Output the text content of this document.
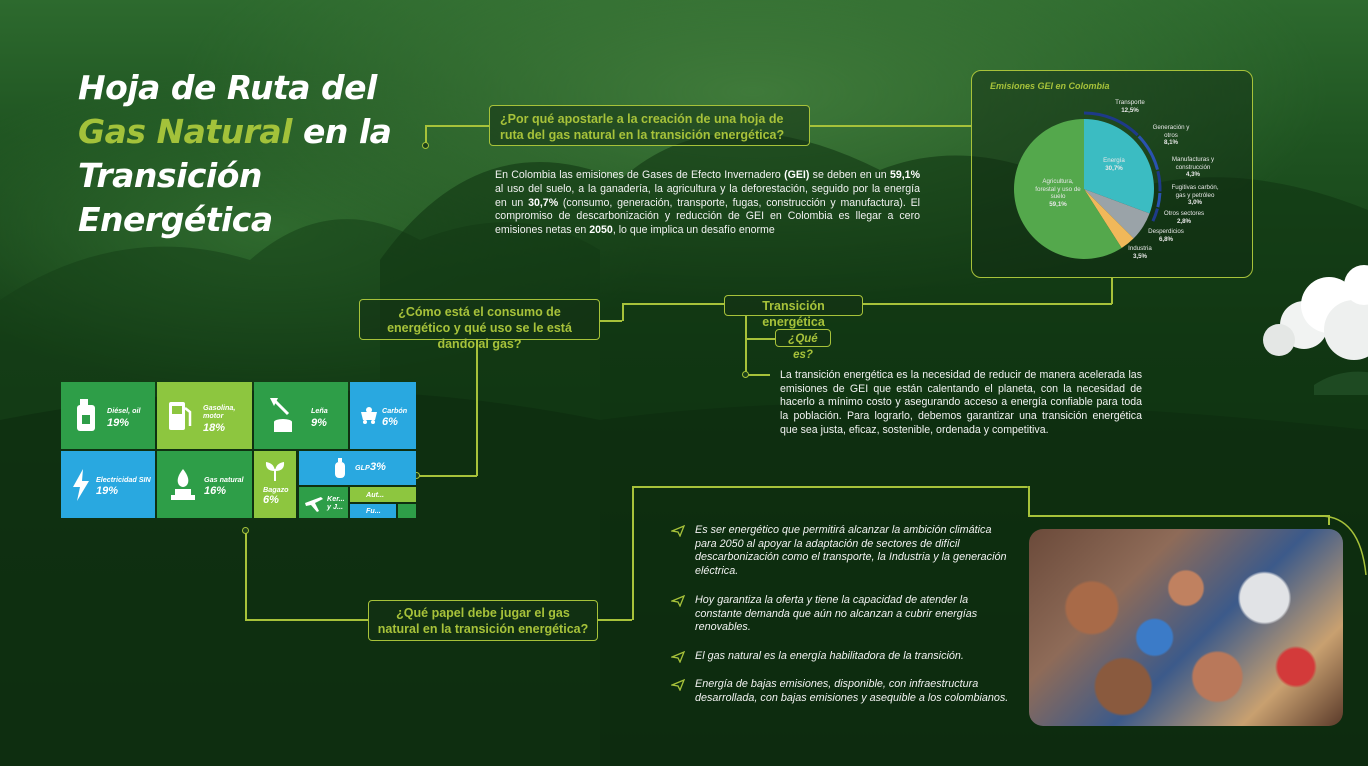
Hoja de Ruta del
Gas Natural en la
Transición Energética
¿Por qué apostarle a la creación de una hoja de ruta del gas natural en la transición energética?
En Colombia las emisiones de Gases de Efecto Invernadero (GEI) se deben en un 59,1% al uso del suelo, a la ganadería, la agricultura y la deforestación, seguido por la energía en un 30,7% (consumo, generación, transporte, fugas, construcción y manufactura). El compromiso de descarbonización y reducción de GEI en Colombia es llegar a cero emisiones netas en 2050, lo que implica un desafío enorme
Emisiones GEI en Colombia
Transporte
12,5%
Generación y otros
8,1%
Manufacturas y construcción
4,3%
Fugitivas carbón, gas y petróleo
3,0%
Otros sectores
2,8%
Desperdicios
6,8%
Industria
3,5%
Energía
30,7%
Agricultura, forestal y uso de suelo
59,1%
¿Cómo está el consumo de energético y qué uso se le está dando al gas?
Transición energética
¿Qué es?
La transición energética es la necesidad de reducir de manera acelerada las emisiones de GEI que están calentando el planeta, con la necesidad de hacerlo a mínimo costo y asegurando acceso a energía confiable para toda la población. Para lograrlo, debemos garantizar una transición energética que sea justa, eficaz, sostenible, ordenada y competitiva.
Diésel, oil
19%
Gasolina, motor
18%
Leña
9%
Carbón
6%
Electricidad SIN
19%
Gas natural
16%	Bagazo
6%
GLP 3%
Ker... y J...
Aut...
Fu...
¿Qué papel debe jugar el gas natural en la transición energética?
Es ser energético que permitirá alcanzar la ambición climática para 2050 al apoyar la adaptación de sectores de difícil descarbonización como el transporte, la Industria y la generación eléctrica.
Hoy garantiza la oferta y tiene la capacidad de atender la constante demanda que aún no alcanzan a cubrir energías renovables.
El gas natural es la energía habilitadora de la transición.
Energía de bajas emisiones, disponible, con infraestructura desarrollada, con bajas emisiones y asequible a los colombianos.
